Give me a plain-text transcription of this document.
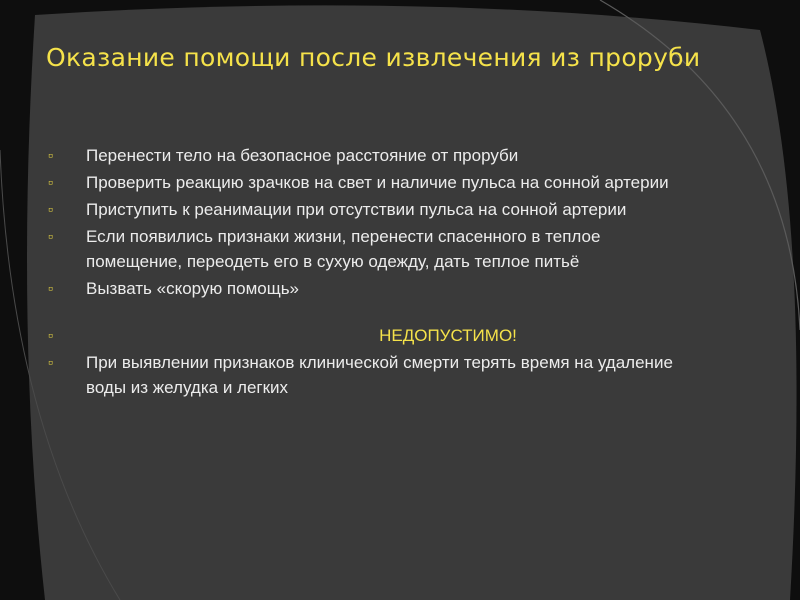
Оказание помощи после извлечения из проруби
▫ Перенести тело на безопасное расстояние от проруби
▫ Проверить реакцию зрачков на свет и наличие пульса на сонной артерии
▫ Приступить к реанимации при отсутствии пульса на сонной артерии
▫ Если появились признаки жизни, перенести спасенного в теплое помещение, переодеть его в сухую одежду, дать теплое питьё
▫ Вызвать «скорую помощь»
▫	НЕДОПУСТИМО!
▫ При выявлении признаков клинической смерти терять время на удаление воды из желудка и легких
